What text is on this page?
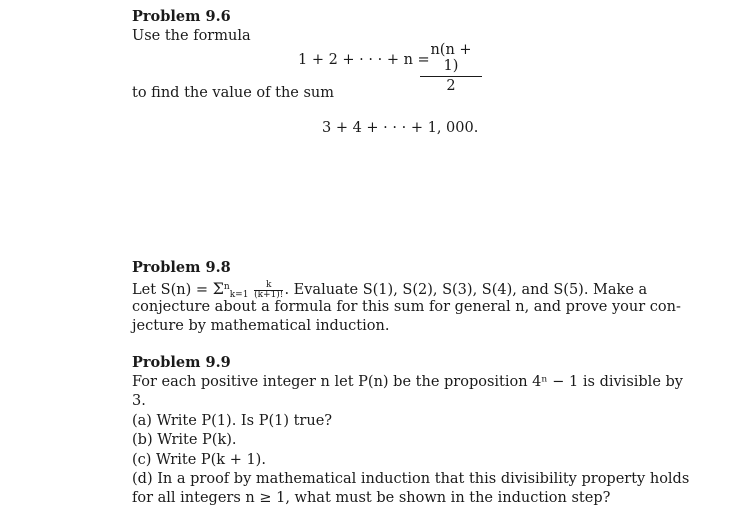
Problem 9.6
Use the formula
1 + 2 + · · · + n =
$\frac{n(n + 1)}{2}$
to find the value of the sum
3 + 4 + · · · + 1, 000.
Problem 9.8
Let $S(n) = \Sigma^n_{k=1} \frac{k}{(k+1)!}$ . Evaluate S(1), S(2), S(3), S(4), and S(5). Make a
conjecture about a formula for this sum for general n, and prove your con-
jecture by mathematical induction.
Problem 9.9
For each positive integer n let P(n) be the proposition 4ⁿ − 1 is divisible by
3.
(a) Write P(1). Is P(1) true?
(b) Write P(k).
(c) Write P(k + 1).
(d) In a proof by mathematical induction that this divisibility property holds
for all integers n ≥ 1, what must be shown in the induction step?
